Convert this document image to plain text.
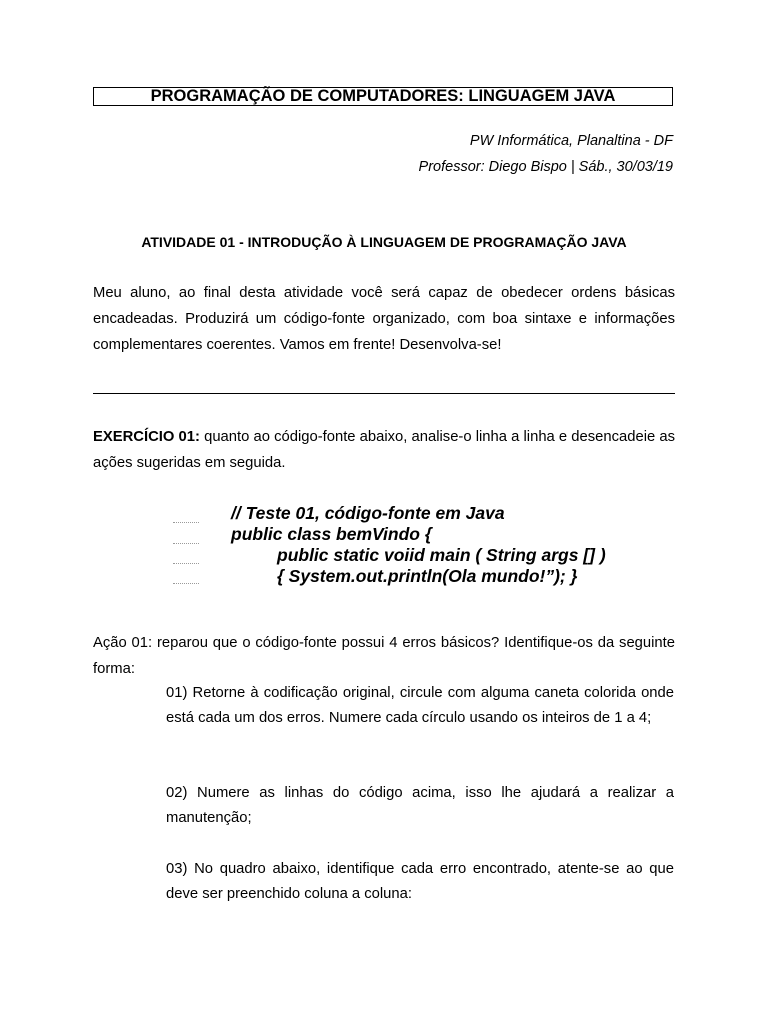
PROGRAMAÇÃO DE COMPUTADORES: LINGUAGEM JAVA
PW Informática, Planaltina - DF
Professor: Diego Bispo | Sáb., 30/03/19
ATIVIDADE 01 - INTRODUÇÃO À LINGUAGEM DE PROGRAMAÇÃO JAVA
Meu aluno, ao final desta atividade você será capaz de obedecer ordens básicas encadeadas. Produzirá um código-fonte organizado, com boa sintaxe e informações complementares coerentes. Vamos em frente! Desenvolva-se!
EXERCÍCIO 01: quanto ao código-fonte abaixo, analise-o linha a linha e desencadeie as ações sugeridas em seguida.
// Teste 01, código-fonte em Java
public class bemVindo {
public static voiid main ( String args [] )
{ System.out.println(Ola mundo!”); }
Ação 01: reparou que o código-fonte possui 4 erros básicos? Identifique-os da seguinte forma:
01) Retorne à codificação original, circule com alguma caneta colorida onde está cada um dos erros. Numere cada círculo usando os inteiros de 1 a 4;
02) Numere as linhas do código acima, isso lhe ajudará a realizar a manutenção;
03) No quadro abaixo, identifique cada erro encontrado, atente-se ao que deve ser preenchido coluna a coluna:
